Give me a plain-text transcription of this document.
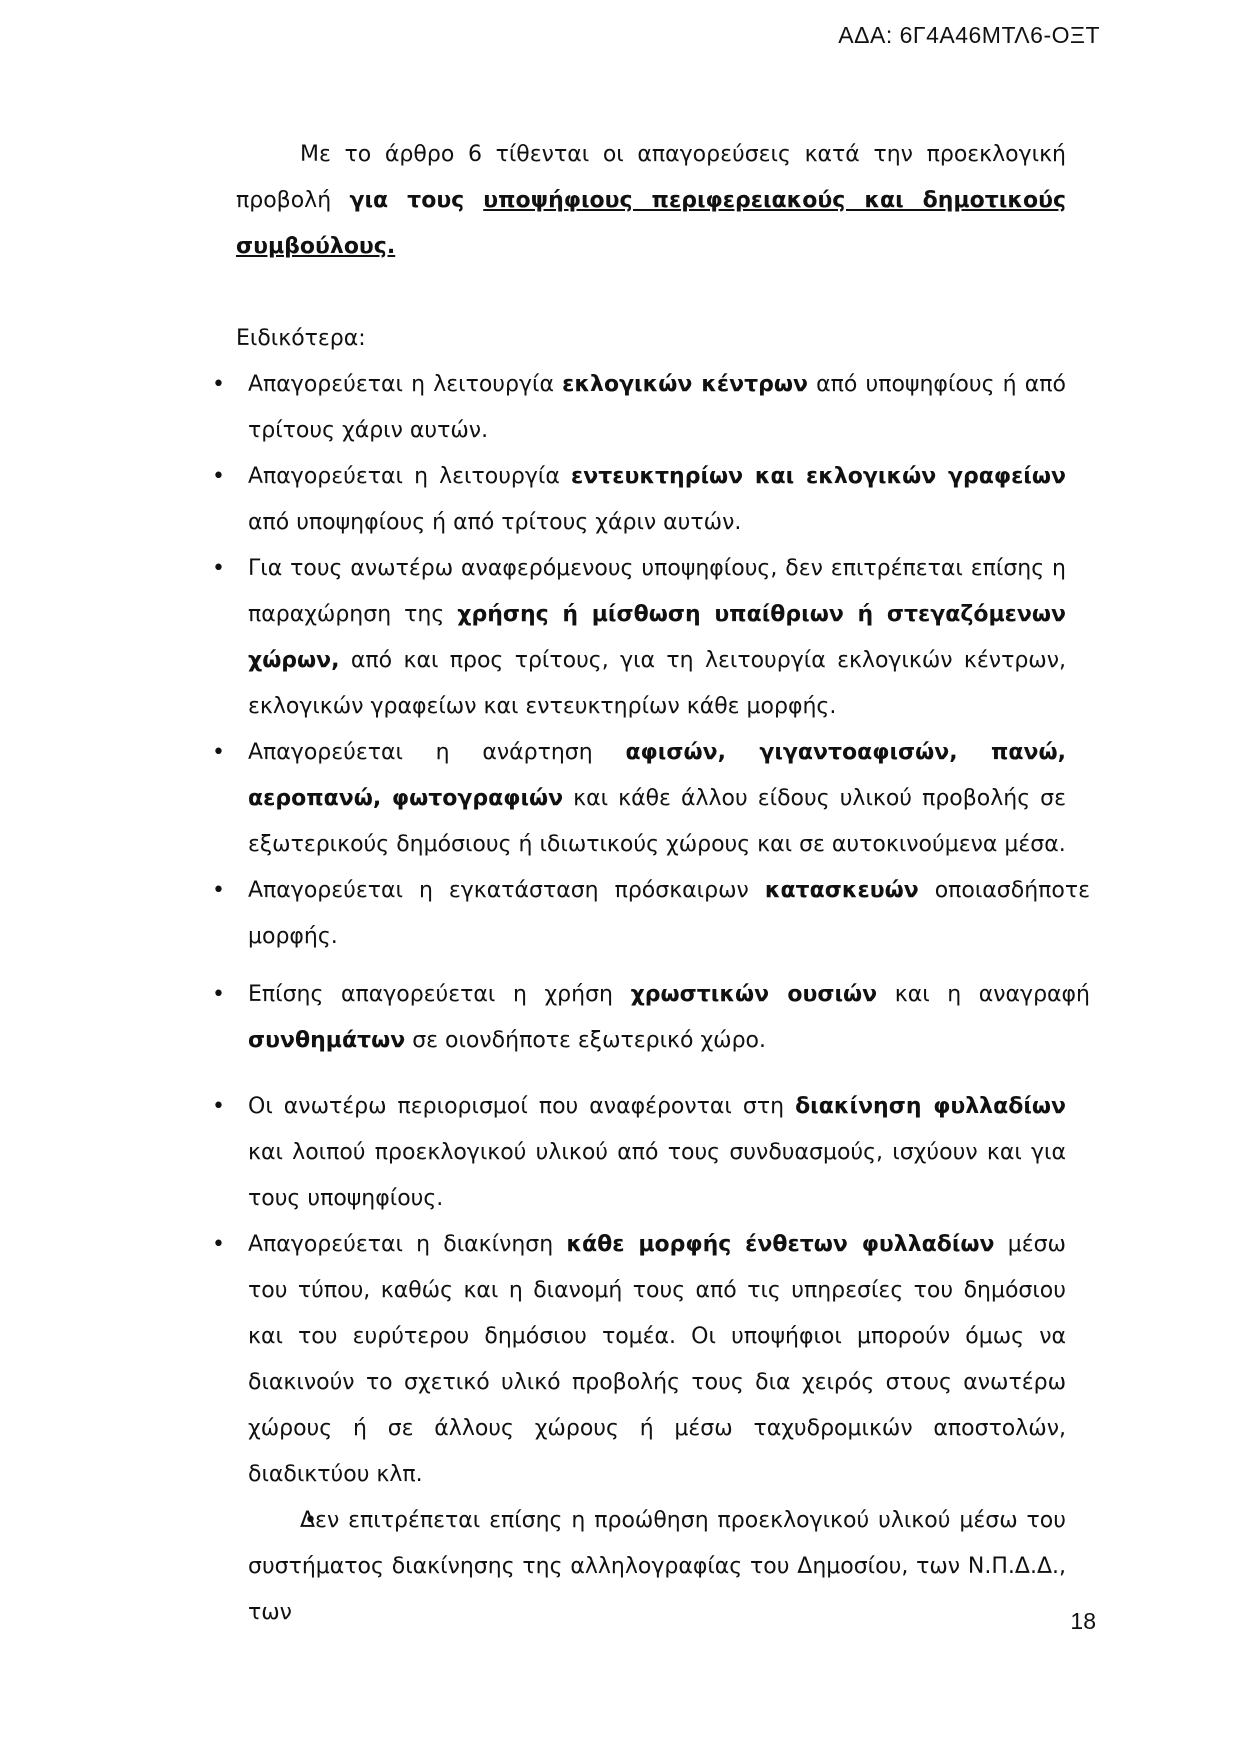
ΑΔΑ: 6Γ4Α46ΜΤΛ6-ΟΞΤ

Με το άρθρο 6 τίθενται οι απαγορεύσεις κατά την προεκλογική προβολή για τους υποψήφιους περιφερειακούς και δημοτικούς συμβούλους.

Ειδικότερα:

• Απαγορεύεται η λειτουργία εκλογικών κέντρων από υποψηφίους ή από τρίτους χάριν αυτών.
• Απαγορεύεται η λειτουργία εντευκτηρίων και εκλογικών γραφείων από υποψηφίους ή από τρίτους χάριν αυτών.
• Για τους ανωτέρω αναφερόμενους υποψηφίους, δεν επιτρέπεται επίσης η παραχώρηση της χρήσης ή μίσθωση υπαίθριων ή στεγαζόμενων χώρων, από και προς τρίτους, για τη λειτουργία εκλογικών κέντρων, εκλογικών γραφείων και εντευκτηρίων κάθε μορφής.
• Απαγορεύεται η ανάρτηση αφισών, γιγαντοαφισών, πανώ, αεροπανώ, φωτογραφιών και κάθε άλλου είδους υλικού προβολής σε εξωτερικούς δημόσιους ή ιδιωτικούς χώρους και σε αυτοκινούμενα μέσα.
• Απαγορεύεται η εγκατάσταση πρόσκαιρων κατασκευών οποιασδήποτε μορφής.
• Επίσης απαγορεύεται η χρήση χρωστικών ουσιών και η αναγραφή συνθημάτων σε οιονδήποτε εξωτερικό χώρο.
• Οι ανωτέρω περιορισμοί που αναφέρονται στη διακίνηση φυλλαδίων και λοιπού προεκλογικού υλικού από τους συνδυασμούς, ισχύουν και για τους υποψηφίους.
• Απαγορεύεται η διακίνηση κάθε μορφής ένθετων φυλλαδίων μέσω του τύπου, καθώς και η διανομή τους από τις υπηρεσίες του δημόσιου και του ευρύτερου δημόσιου τομέα. Οι υποψήφιοι μπορούν όμως να διακινούν το σχετικό υλικό προβολής τους δια χειρός στους ανωτέρω χώρους ή σε άλλους χώρους ή μέσω ταχυδρομικών αποστολών, διαδικτύου κλπ.
• Δεν επιτρέπεται επίσης η προώθηση προεκλογικού υλικού μέσω του συστήματος διακίνησης της αλληλογραφίας του Δημοσίου, των Ν.Π.Δ.Δ., των	18
